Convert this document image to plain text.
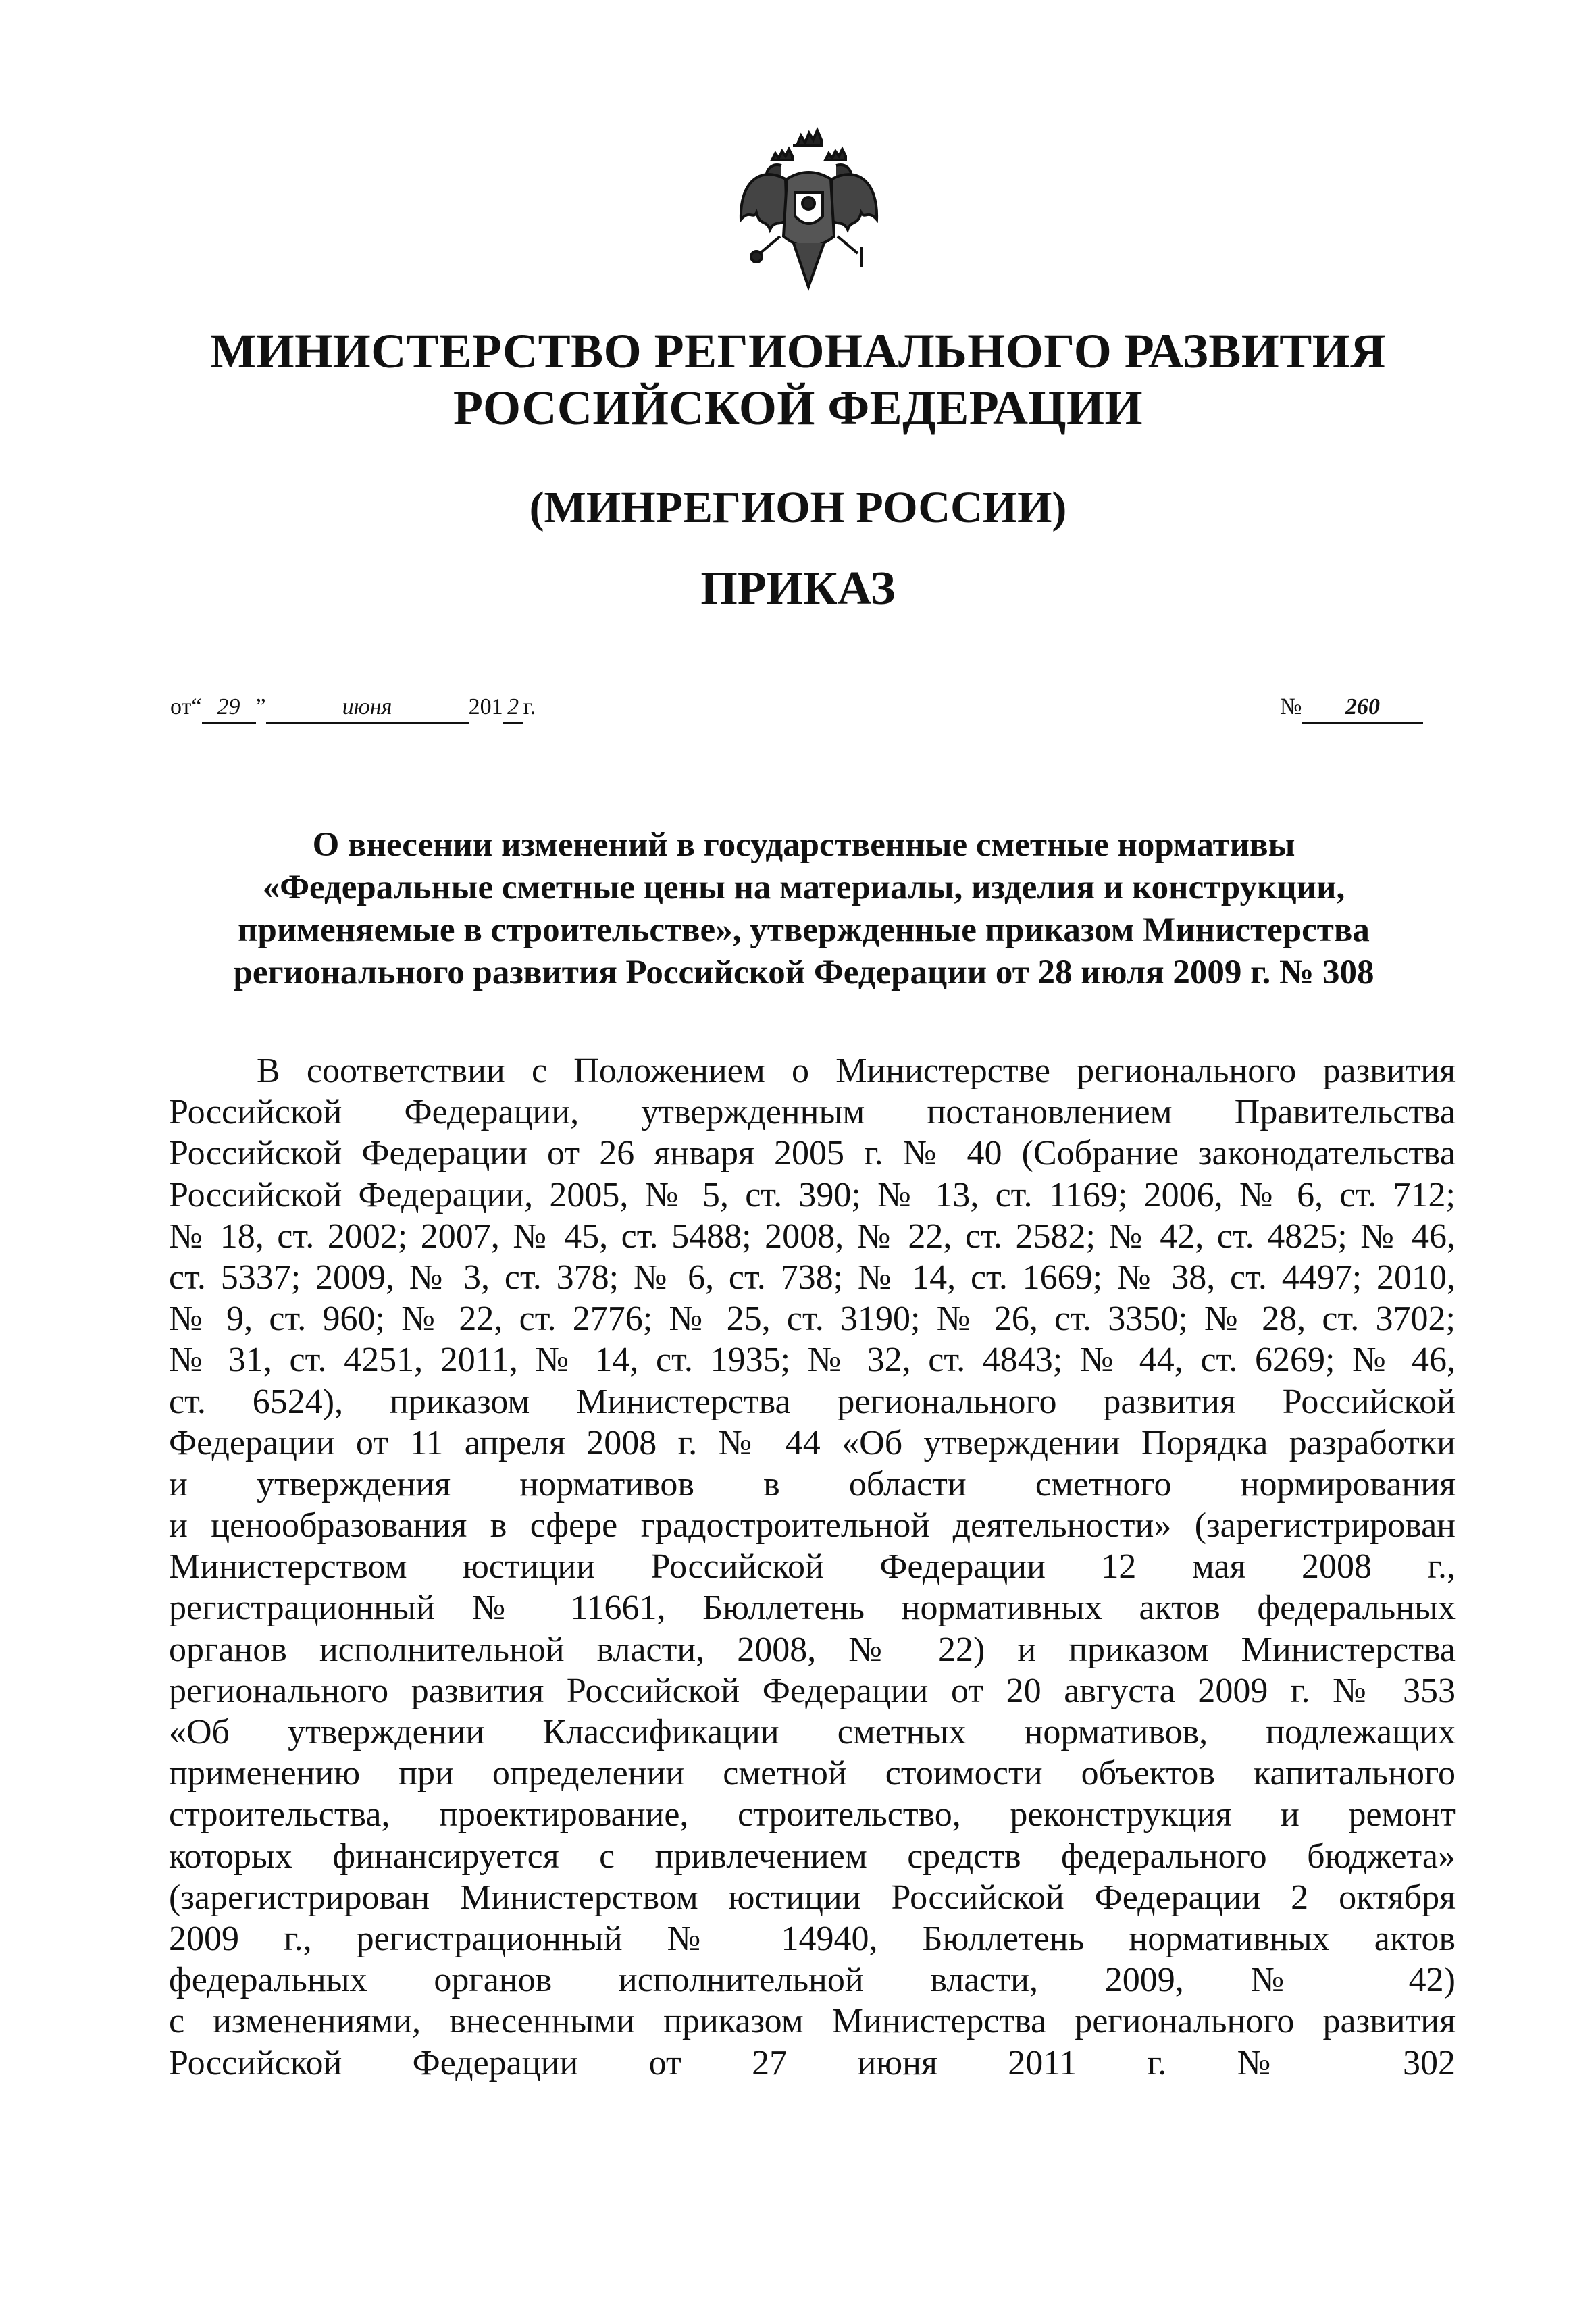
МИНИСТЕРСТВО РЕГИОНАЛЬНОГО РАЗВИТИЯ
РОССИЙСКОЙ ФЕДЕРАЦИИ
(МИНРЕГИОН РОССИИ)
ПРИКАЗ
от“ 29 ”	июня	201 2 г.	№ 260
О внесении изменений в государственные сметные нормативы
«Федеральные сметные цены на материалы, изделия и конструкции,
применяемые в строительстве», утвержденные приказом Министерства
регионального развития Российской Федерации от 28 июля 2009 г. № 308
В соответствии с Положением о Министерстве регионального развития
Российской Федерации, утвержденным постановлением Правительства
Российской Федерации от 26 января 2005 г. № 40 (Собрание законодательства
Российской Федерации, 2005, № 5, ст. 390; № 13, ст. 1169; 2006, № 6, ст. 712;
№ 18, ст. 2002; 2007, № 45, ст. 5488; 2008, № 22, ст. 2582; № 42, ст. 4825; № 46,
ст. 5337; 2009, № 3, ст. 378; № 6, ст. 738; № 14, ст. 1669; № 38, ст. 4497; 2010,
№ 9, ст. 960; № 22, ст. 2776; № 25, ст. 3190; № 26, ст. 3350; № 28, ст. 3702;
№ 31, ст. 4251, 2011, № 14, ст. 1935; № 32, ст. 4843; № 44, ст. 6269; № 46,
ст. 6524), приказом Министерства регионального развития Российской
Федерации от 11 апреля 2008 г. № 44 «Об утверждении Порядка разработки
и утверждения нормативов в области сметного нормирования
и ценообразования в сфере градостроительной деятельности» (зарегистрирован
Министерством юстиции Российской Федерации 12 мая 2008 г.,
регистрационный № 11661, Бюллетень нормативных актов федеральных
органов исполнительной власти, 2008, № 22) и приказом Министерства
регионального развития Российской Федерации от 20 августа 2009 г. № 353
«Об утверждении Классификации сметных нормативов, подлежащих
применению при определении сметной стоимости объектов капитального
строительства, проектирование, строительство, реконструкция и ремонт
которых финансируется с привлечением средств федерального бюджета»
(зарегистрирован Министерством юстиции Российской Федерации 2 октября
2009 г., регистрационный № 14940, Бюллетень нормативных актов
федеральных органов исполнительной власти, 2009, № 42)
с изменениями, внесенными приказом Министерства регионального развития
Российской Федерации от 27 июня 2011 г. № 302
